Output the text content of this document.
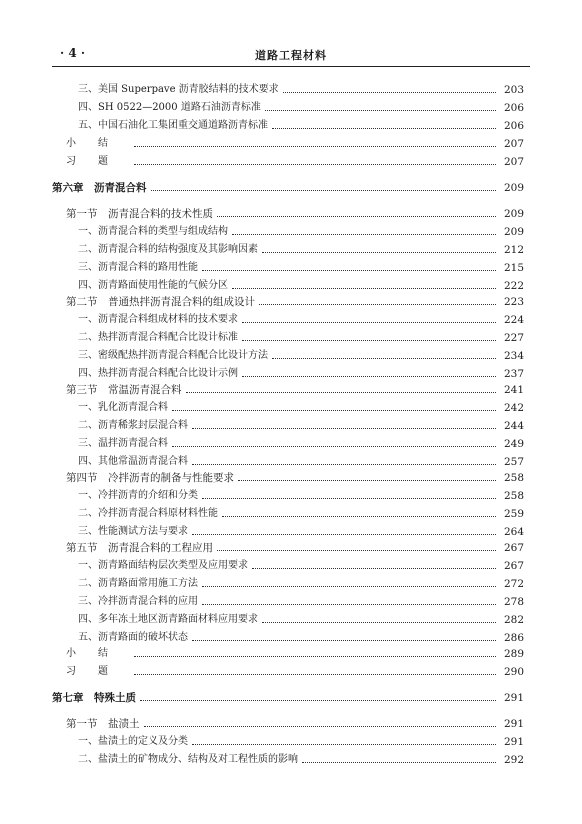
· 4 ·	道路工程材料
三、美国 Superpave 沥青胶结料的技术要求	203
四、SH 0522—2000 道路石油沥青标准	206
五、中国石油化工集团重交通道路沥青标准	206
小结	207
习题	207
第六章　沥青混合料	209
第一节　沥青混合料的技术性质	209
一、沥青混合料的类型与组成结构	209
二、沥青混合料的结构强度及其影响因素	212
三、沥青混合料的路用性能	215
四、沥青路面使用性能的气候分区	222
第二节　普通热拌沥青混合料的组成设计	223
一、沥青混合料组成材料的技术要求	224
二、热拌沥青混合料配合比设计标准	227
三、密级配热拌沥青混合料配合比设计方法	234
四、热拌沥青混合料配合比设计示例	237
第三节　常温沥青混合料	241
一、乳化沥青混合料	242
二、沥青稀浆封层混合料	244
三、温拌沥青混合料	249
四、其他常温沥青混合料	257
第四节　冷拌沥青的制备与性能要求	258
一、冷拌沥青的介绍和分类	258
二、冷拌沥青混合料原材料性能	259
三、性能测试方法与要求	264
第五节　沥青混合料的工程应用	267
一、沥青路面结构层次类型及应用要求	267
二、沥青路面常用施工方法	272
三、冷拌沥青混合料的应用	278
四、多年冻土地区沥青路面材料应用要求	282
五、沥青路面的破坏状态	286
小结	289
习题	290
第七章　特殊土质	291
第一节　盐渍土	291
一、盐渍土的定义及分类	291
二、盐渍土的矿物成分、结构及对工程性质的影响	292
